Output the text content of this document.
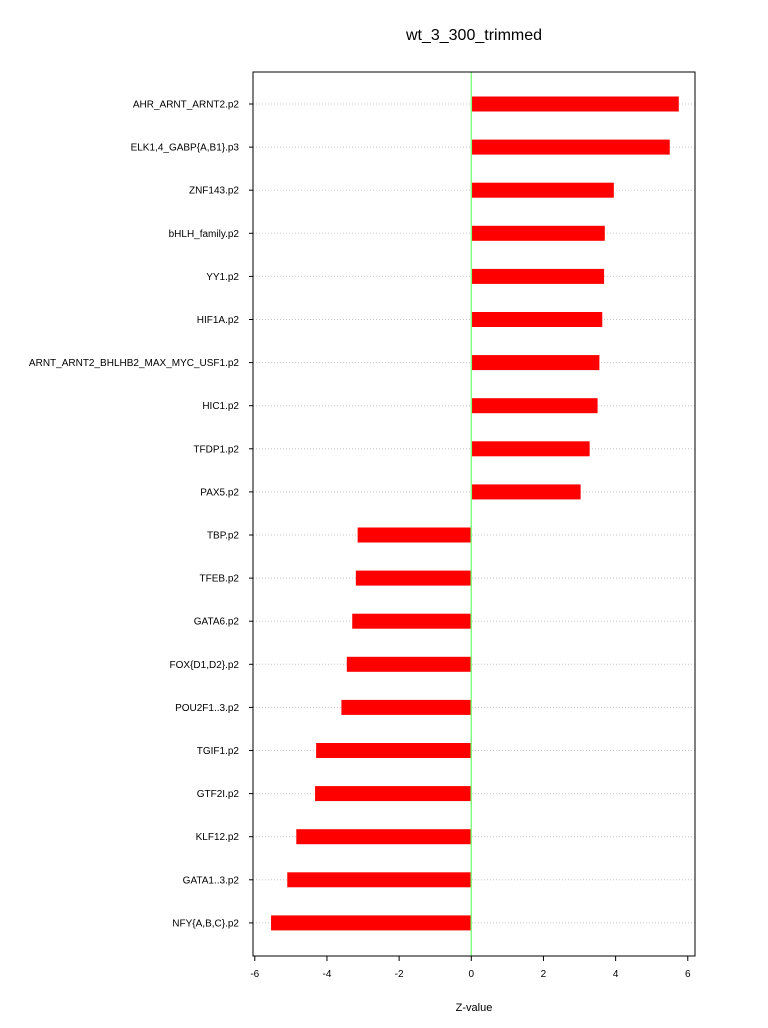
wt_3_300_trimmed
AHR_ARNT_ARNT2.p2
ELK1,4_GABP{A,B1}.p3
ZNF143.p2
bHLH_family.p2
YY1.p2
HIF1A.p2
ARNT_ARNT2_BHLHB2_MAX_MYC_USF1.p2
HIC1.p2
TFDP1.p2
PAX5.p2
TBP.p2
TFEB.p2
GATA6.p2
FOX{D1,D2}.p2
POU2F1..3.p2
TGIF1.p2
GTF2I.p2
KLF12.p2
GATA1..3.p2
NFY{A,B,C}.p2
-6	-4	-2	0	2	4	6
Z-value
